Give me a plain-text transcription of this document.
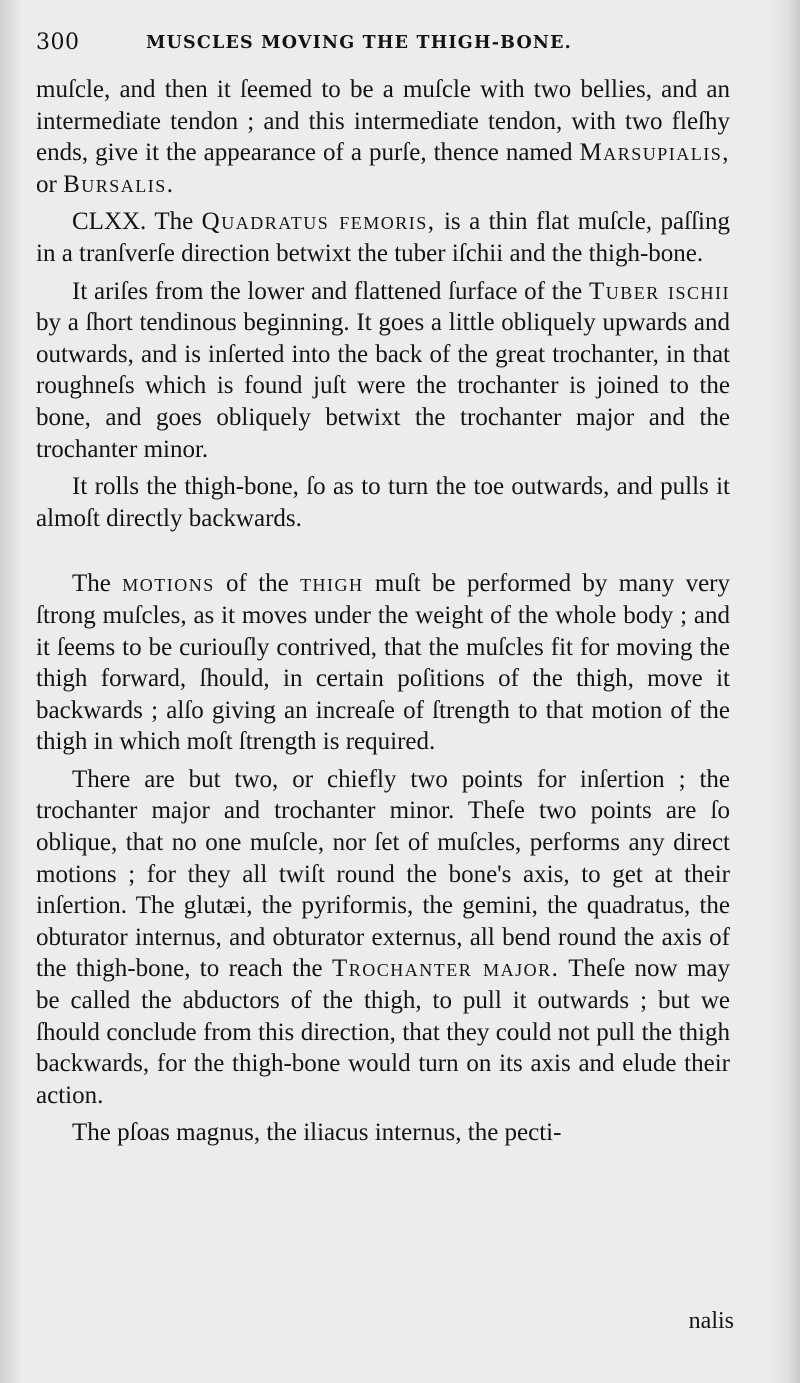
300	MUSCLES MOVING THE THIGH-BONE.

muſcle, and then it ſeemed to be a muſcle with two bellies, and an intermediate tendon ; and this intermediate tendon, with two fleſhy ends, give it the appearance of a purſe, thence named Marsupialis, or Bursalis.

CLXX. The Quadratus femoris, is a thin flat muſcle, paſſing in a tranſverſe direction betwixt the tuber iſchii and the thigh-bone.

It ariſes from the lower and flattened ſurface of the Tuber ischii by a ſhort tendinous beginning. It goes a little obliquely upwards and outwards, and is inſerted into the back of the great trochanter, in that roughneſs which is found juſt were the trochanter is joined to the bone, and goes obliquely betwixt the trochanter major and the trochanter minor.

It rolls the thigh-bone, ſo as to turn the toe outwards, and pulls it almoſt directly backwards.

The motions of the thigh muſt be performed by many very ſtrong muſcles, as it moves under the weight of the whole body ; and it ſeems to be curiouſly contrived, that the muſcles fit for moving the thigh forward, ſhould, in certain poſitions of the thigh, move it backwards ; alſo giving an increaſe of ſtrength to that motion of the thigh in which moſt ſtrength is required.

There are but two, or chiefly two points for inſertion ; the trochanter major and trochanter minor. Theſe two points are ſo oblique, that no one muſcle, nor ſet of muſcles, performs any direct motions ; for they all twiſt round the bone's axis, to get at their inſertion. The glutæi, the pyriformis, the gemini, the quadratus, the obturator internus, and obturator externus, all bend round the axis of the thigh-bone, to reach the Trochanter major. Theſe now may be called the abductors of the thigh, to pull it outwards ; but we ſhould conclude from this direction, that they could not pull the thigh backwards, for the thigh-bone would turn on its axis and elude their action.

The pſoas magnus, the iliacus internus, the pecti-

nalis
